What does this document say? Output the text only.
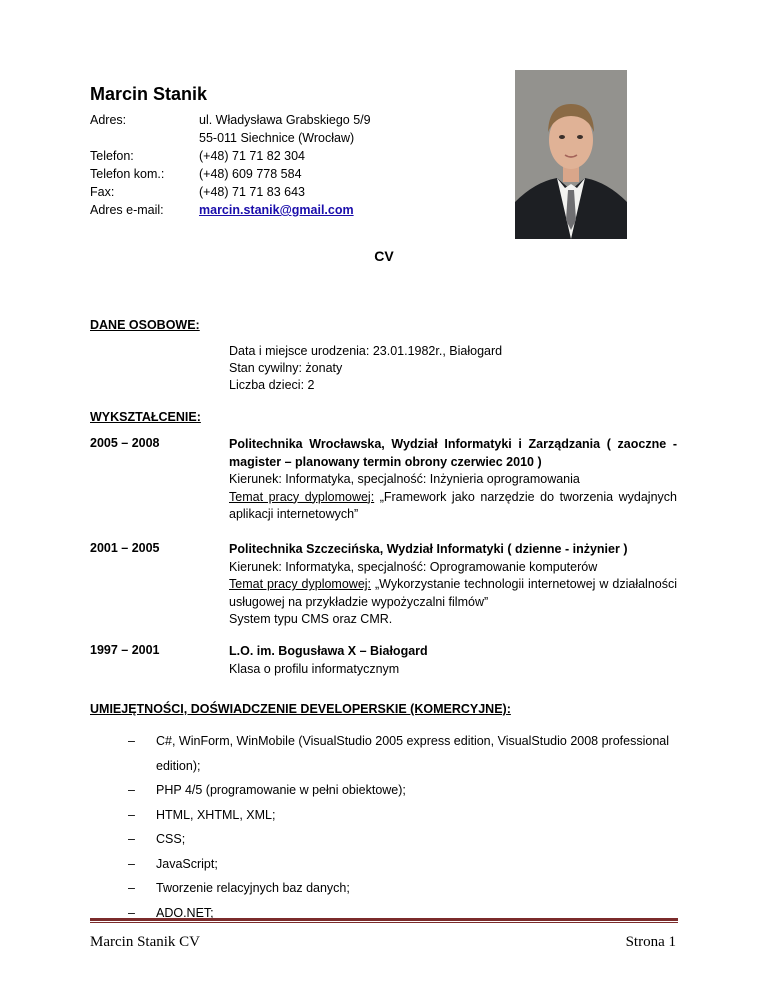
Marcin Stanik
Adres:	ul. Władysława Grabskiego 5/9
55-011 Siechnice (Wrocław)
Telefon:	(+48) 71 71 82 304
Telefon kom.:	(+48) 609 778 584
Fax:	(+48) 71 71 83 643
Adres e-mail:	marcin.stanik@gmail.com
CV
DANE OSOBOWE:
Data i miejsce urodzenia: 23.01.1982r., Białogard
Stan cywilny: żonaty
Liczba dzieci: 2
WYKSZTAŁCENIE:
2005 – 2008	Politechnika Wrocławska, Wydział Informatyki i Zarządzania ( zaoczne - magister – planowany termin obrony czerwiec 2010 )
Kierunek: Informatyka, specjalność: Inżynieria oprogramowania
Temat pracy dyplomowej: „Framework jako narzędzie do tworzenia wydajnych aplikacji internetowych”
2001 – 2005	Politechnika Szczecińska, Wydział Informatyki ( dzienne - inżynier )
Kierunek: Informatyka, specjalność: Oprogramowanie komputerów
Temat pracy dyplomowej: „Wykorzystanie technologii internetowej w działalności usługowej na przykładzie wypożyczalni filmów”
System typu CMS oraz CMR.
1997 – 2001	L.O. im. Bogusława X – Białogard
Klasa o profilu informatycznym
UMIEJĘTNOŚCI, DOŚWIADCZENIE DEVELOPERSKIE (KOMERCYJNE):
–	C#, WinForm, WinMobile (VisualStudio 2005 express edition, VisualStudio 2008 professional edition);
–	PHP 4/5 (programowanie w pełni obiektowe);
–	HTML, XHTML, XML;
–	CSS;
–	JavaScript;
–	Tworzenie relacyjnych baz danych;
–	ADO.NET;
Marcin Stanik CV	Strona 1
